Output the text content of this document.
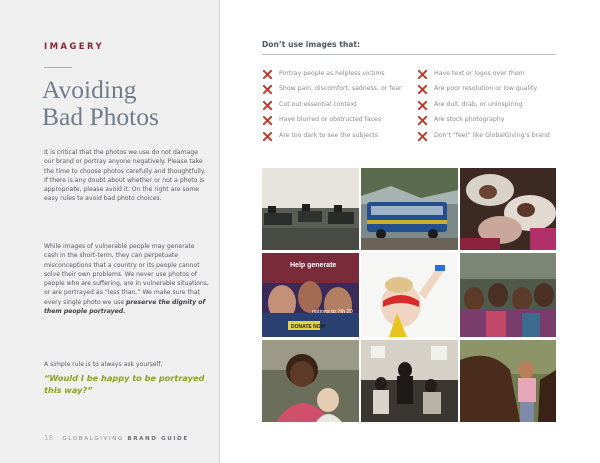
IMAGERY
Avoiding
Bad Photos

It is critical that the photos we use do not damage our brand or portray anyone negatively. Please take the time to choose photos carefully and thoughtfully. If there is any doubt about whether or not a photo is appropriate, please avoid it. On the right are some easy rules to avoid bad photo choices.

While images of vulnerable people may generate cash in the short-term, they can perpetuate misconceptions that a country or its people cannot solve their own problems. We never use photos of people who are suffering, are in vulnerable situations, or are portrayed as “less than.” We make sure that every single photo we use preserve the dignity of them people portrayed.

A simple rule is to always ask yourself,

“Would I be happy to be portrayed this way?”

18 GLOBALGIVING BRAND GUIDE
Don’t use images that:
Portray people as helpless victims
Show pain, discomfort, sadness, or fear
Cut out essential context
Have blurred or obstructed faces
Are too dark to see the subjects
Have text or logos over them
Are poor resolution or low quality
Are dull, drab, or uninspiring
Are stock photography
Don’t “feel” like GlobalGiving’s brand
Help generate
nations to 7th 20
DONATE NOW
